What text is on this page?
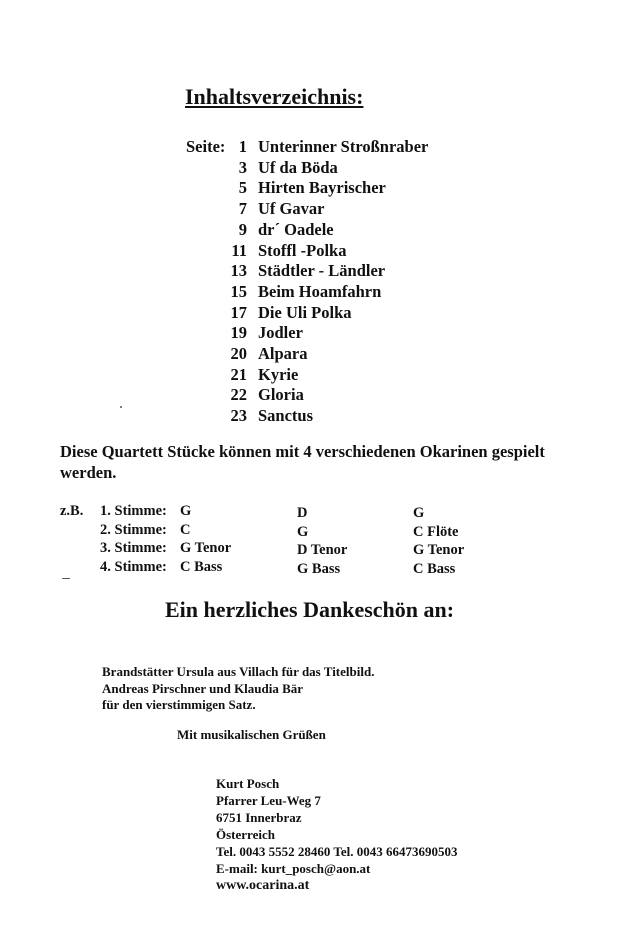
Inhaltsverzeichnis:
Seite: 1 Unterinner Stroßnraber
3 Uf da Böda
5 Hirten Bayrischer
7 Uf Gavar
9 dr´ Oadele
11 Stoffl -Polka
13 Städtler - Ländler
15 Beim Hoamfahrn
17 Die Uli Polka
19 Jodler
20 Alpara
21 Kyrie
22 Gloria
23 Sanctus
Diese Quartett Stücke können mit 4 verschiedenen Okarinen gespielt werden.
z.B. 1. Stimme: G	D	G
2. Stimme: C	G	C Flöte
3. Stimme: G Tenor	D Tenor	G Tenor
4. Stimme: C Bass	G Bass	C Bass
Ein herzliches Dankeschön an:
Brandstätter Ursula aus Villach für das Titelbild.
Andreas Pirschner und Klaudia Bär
für den vierstimmigen Satz.
Mit musikalischen Grüßen
Kurt Posch
Pfarrer Leu-Weg 7
6751 Innerbraz
Österreich
Tel. 0043 5552 28460 Tel. 0043 66473690503
E-mail: kurt_posch@aon.at
www.ocarina.at
